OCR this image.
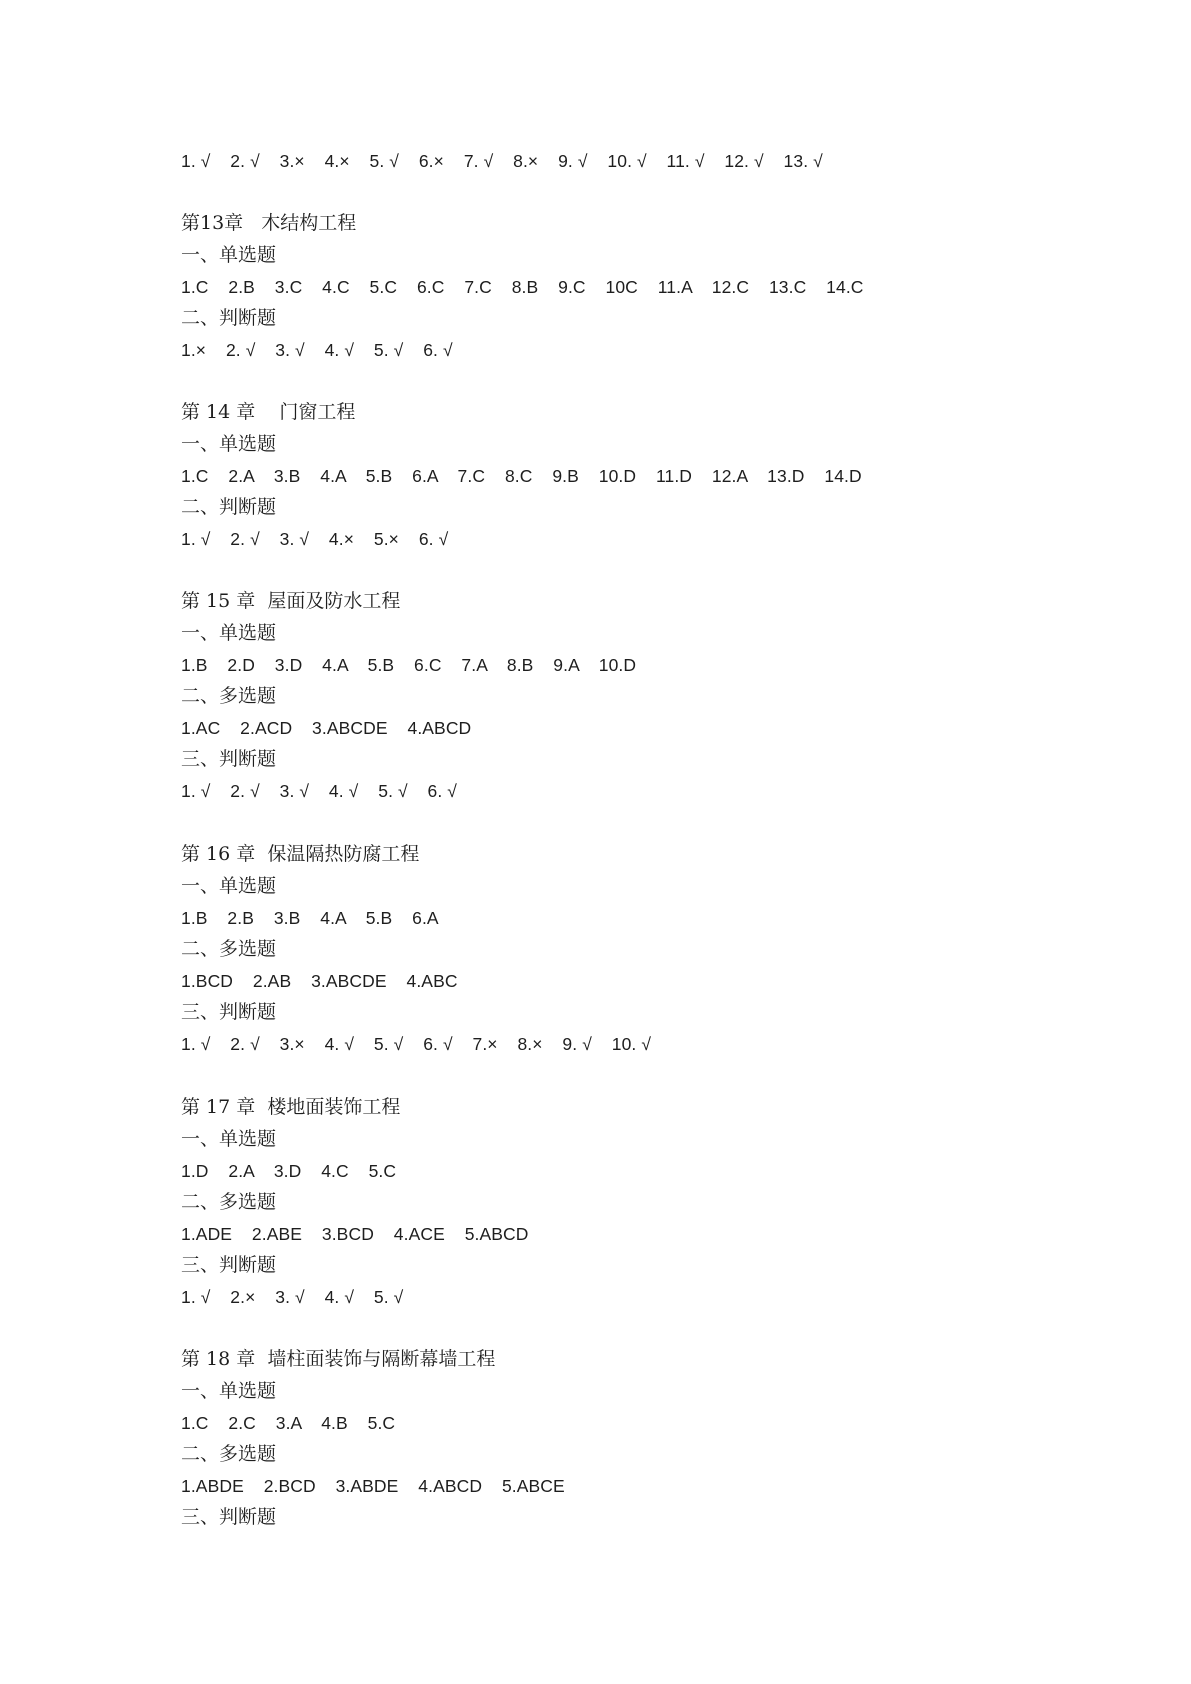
1. √    2. √    3.×    4.×    5. √    6.×    7. √    8.×    9. √    10. √    11. √    12. √    13. √
第13章   木结构工程
一、单选题
1.C    2.B    3.C    4.C    5.C    6.C    7.C    8.B    9.C    10C    11.A    12.C    13.C    14.C
二、判断题
1.×    2. √    3. √    4. √    5. √    6. √
第 14 章    门窗工程
一、单选题
1.C    2.A    3.B    4.A    5.B    6.A    7.C    8.C    9.B    10.D    11.D    12.A    13.D    14.D
二、判断题
1. √    2. √    3. √    4.×    5.×    6. √
第 15 章  屋面及防水工程
一、单选题
1.B    2.D    3.D    4.A    5.B    6.C    7.A    8.B    9.A    10.D
二、多选题
1.AC    2.ACD    3.ABCDE    4.ABCD
三、判断题
1. √    2. √    3. √    4. √    5. √    6. √
第 16 章  保温隔热防腐工程
一、单选题
1.B    2.B    3.B    4.A    5.B    6.A
二、多选题
1.BCD    2.AB    3.ABCDE    4.ABC
三、判断题
1. √    2. √    3.×    4. √    5. √    6. √    7.×    8.×    9. √    10. √
第 17 章  楼地面装饰工程
一、单选题
1.D    2.A    3.D    4.C    5.C
二、多选题
1.ADE    2.ABE    3.BCD    4.ACE    5.ABCD
三、判断题
1. √    2.×    3. √    4. √    5. √
第 18 章  墙柱面装饰与隔断幕墙工程
一、单选题
1.C    2.C    3.A    4.B    5.C
二、多选题
1.ABDE    2.BCD    3.ABDE    4.ABCD    5.ABCE
三、判断题
